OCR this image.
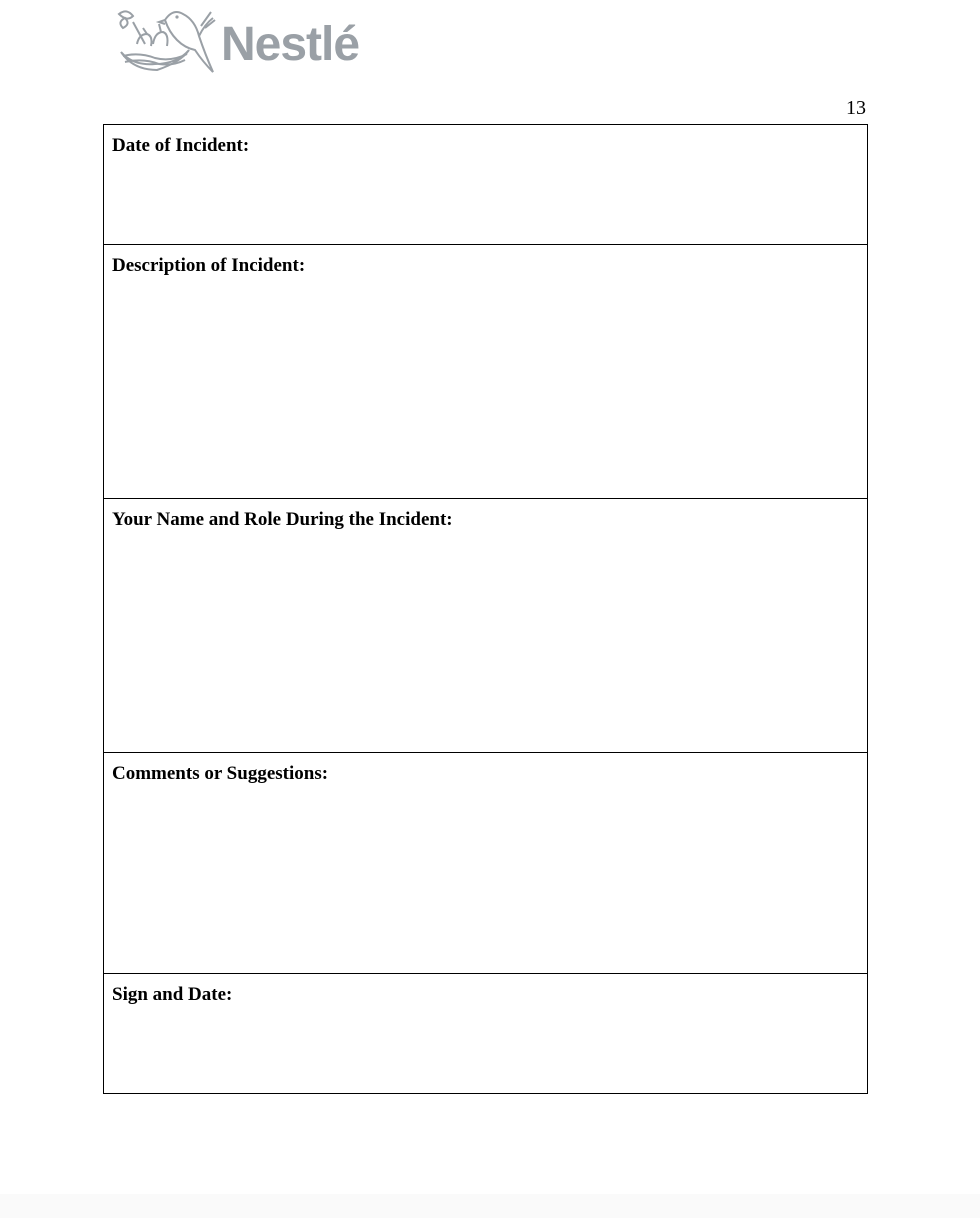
Nestlé
13
Date of Incident:
Description of Incident:
Your Name and Role During the Incident:
Comments or Suggestions:
Sign and Date:
